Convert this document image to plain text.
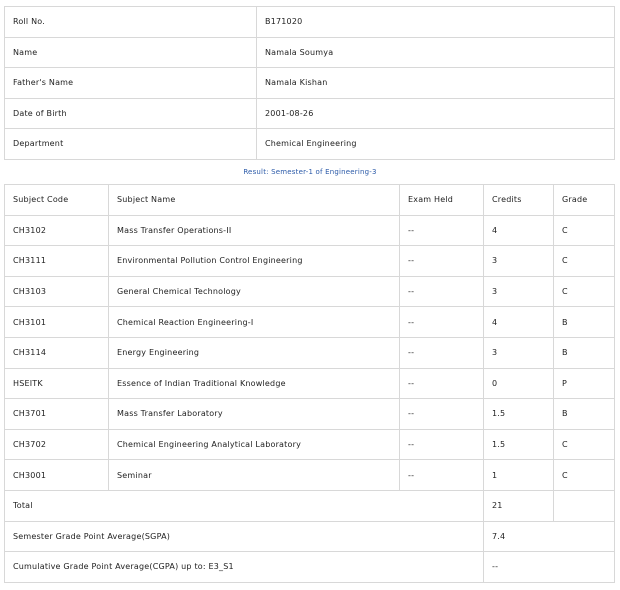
Roll No.	B171020
Name	Namala Soumya
Father's Name	Namala Kishan
Date of Birth	2001-08-26
Department	Chemical Engineering
Result: Semester-1 of Engineering-3
Subject Code	Subject Name	Exam Held	Credits	Grade
CH3102	Mass Transfer Operations-II	--	4	C
CH3111	Environmental Pollution Control Engineering	--	3	C
CH3103	General Chemical Technology	--	3	C
CH3101	Chemical Reaction Engineering-I	--	4	B
CH3114	Energy Engineering	--	3	B
HSEITK	Essence of Indian Traditional Knowledge	--	0	P
CH3701	Mass Transfer Laboratory	--	1.5	B
CH3702	Chemical Engineering Analytical Laboratory	--	1.5	C
CH3001	Seminar	--	1	C
Total			21	
Semester Grade Point Average(SGPA)			7.4	
Cumulative Grade Point Average(CGPA) up to: E3_S1			--	
